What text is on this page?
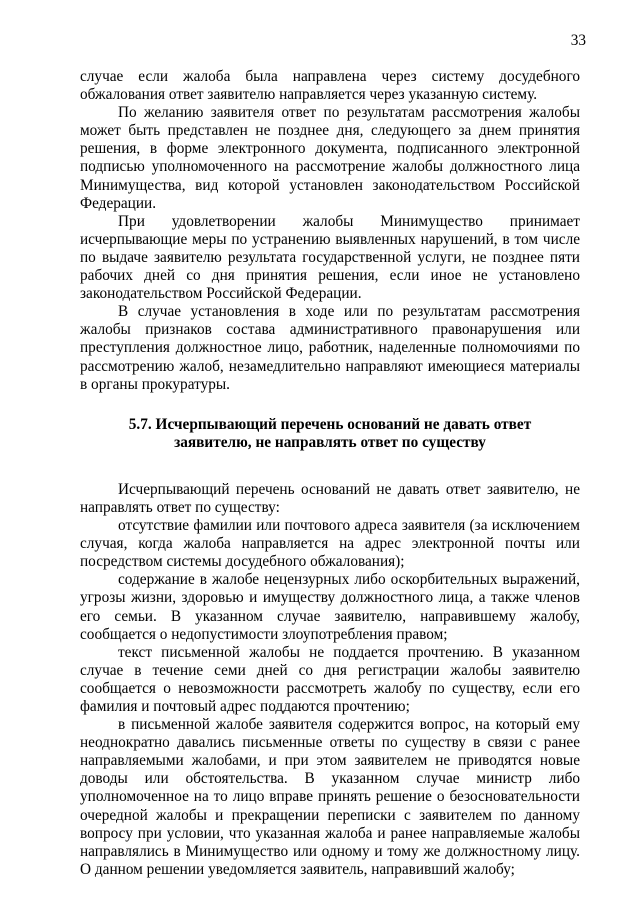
33

случае если жалоба была направлена через систему досудебного обжалования ответ заявителю направляется через указанную систему.

По желанию заявителя ответ по результатам рассмотрения жалобы может быть представлен не позднее дня, следующего за днем принятия решения, в форме электронного документа, подписанного электронной подписью уполномоченного на рассмотрение жалобы должностного лица Минимущества, вид которой установлен законодательством Российской Федерации.

При удовлетворении жалобы Минимущество принимает исчерпывающие меры по устранению выявленных нарушений, в том числе по выдаче заявителю результата государственной услуги, не позднее пяти рабочих дней со дня принятия решения, если иное не установлено законодательством Российской Федерации.

В случае установления в ходе или по результатам рассмотрения жалобы признаков состава административного правонарушения или преступления должностное лицо, работник, наделенные полномочиями по рассмотрению жалоб, незамедлительно направляют имеющиеся материалы в органы прокуратуры.

5.7. Исчерпывающий перечень оснований не давать ответ
заявителю, не направлять ответ по существу

Исчерпывающий перечень оснований не давать ответ заявителю, не направлять ответ по существу:

отсутствие фамилии или почтового адреса заявителя (за исключением случая, когда жалоба направляется на адрес электронной почты или посредством системы досудебного обжалования);

содержание в жалобе нецензурных либо оскорбительных выражений, угрозы жизни, здоровью и имуществу должностного лица, а также членов его семьи. В указанном случае заявителю, направившему жалобу, сообщается о недопустимости злоупотребления правом;

текст письменной жалобы не поддается прочтению. В указанном случае в течение семи дней со дня регистрации жалобы заявителю сообщается о невозможности рассмотреть жалобу по существу, если его фамилия и почтовый адрес поддаются прочтению;

в письменной жалобе заявителя содержится вопрос, на который ему неоднократно давались письменные ответы по существу в связи с ранее направляемыми жалобами, и при этом заявителем не приводятся новые доводы или обстоятельства. В указанном случае министр либо уполномоченное на то лицо вправе принять решение о безосновательности очередной жалобы и прекращении переписки с заявителем по данному вопросу при условии, что указанная жалоба и ранее направляемые жалобы направлялись в Минимущество или одному и тому же должностному лицу. О данном решении уведомляется заявитель, направивший жалобу;
